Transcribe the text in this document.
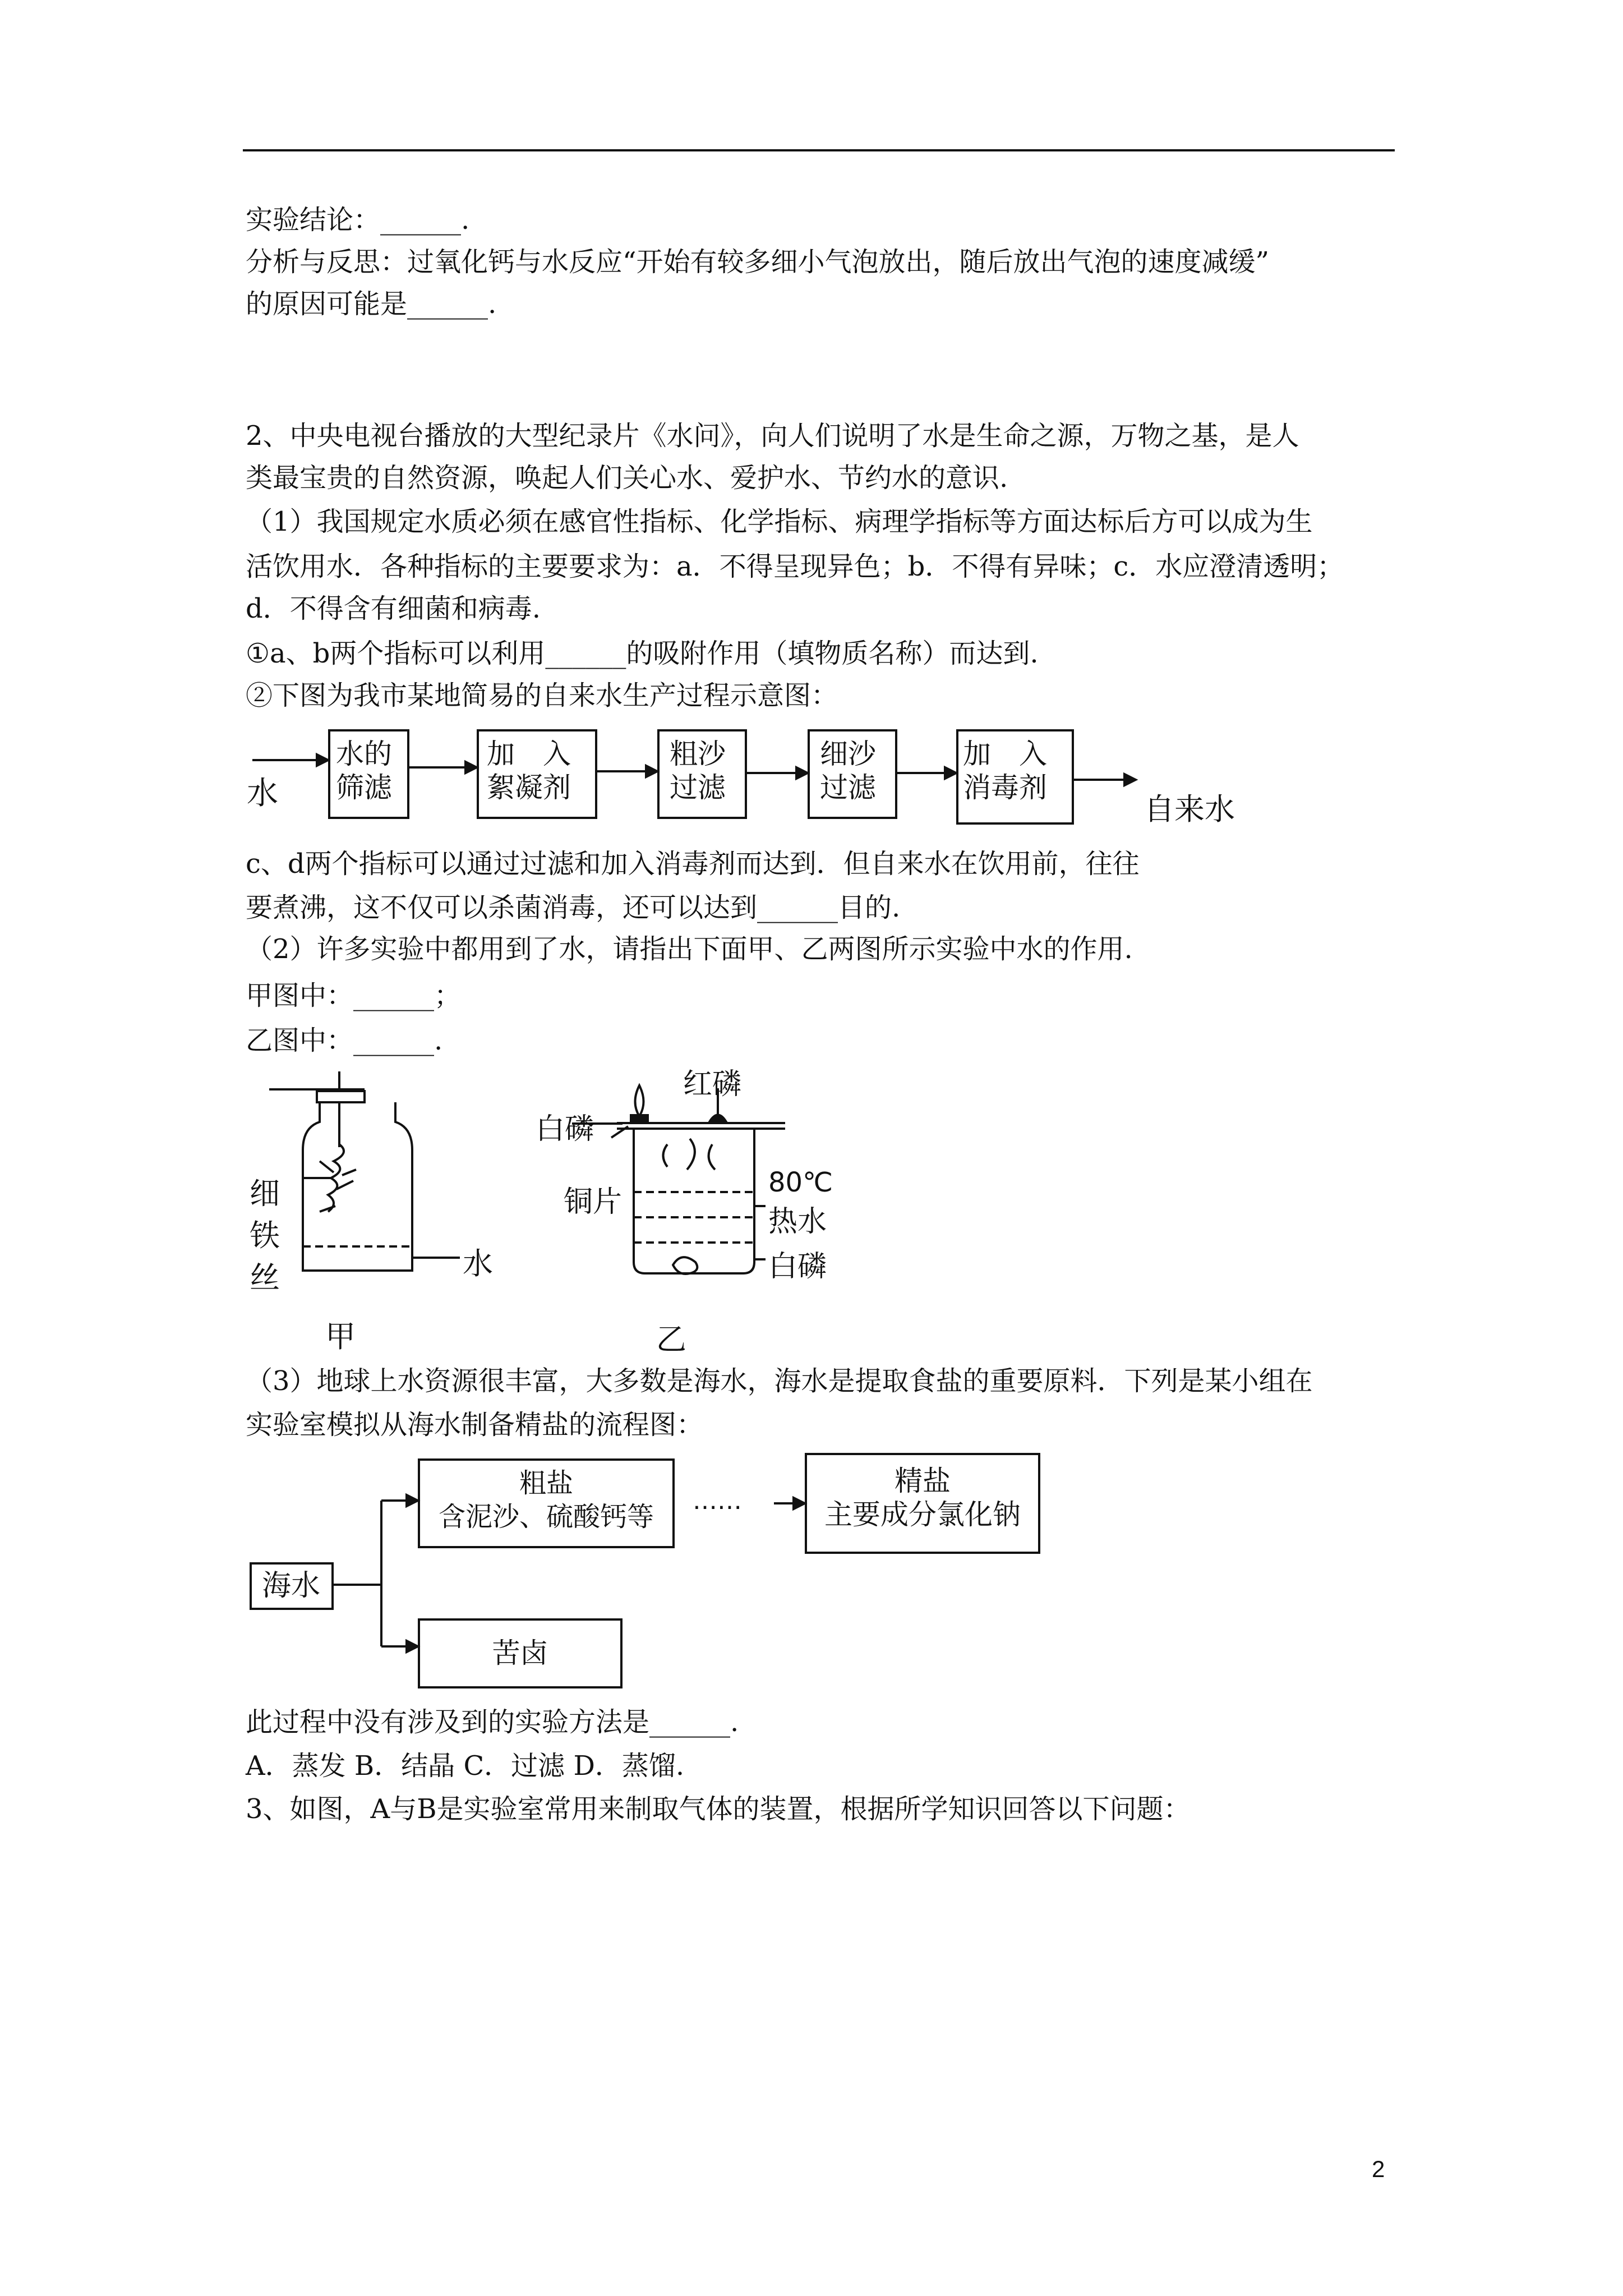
实验结论：______.
分析与反思：过氧化钙与水反应“开始有较多细小气泡放出，随后放出气泡的速度减缓”
的原因可能是______.
2、中央电视台播放的大型纪录片《水问》，向人们说明了水是生命之源，万物之基，是人
类最宝贵的自然资源，唤起人们关心水、爱护水、节约水的意识.
（1）我国规定水质必须在感官性指标、化学指标、病理学指标等方面达标后方可以成为生
活饮用水．各种指标的主要要求为：a．不得呈现异色；b．不得有异味；c．水应澄清透明；
d．不得含有细菌和病毒.
①a、b两个指标可以利用______的吸附作用（填物质名称）而达到.
②下图为我市某地简易的自来水生产过程示意图：
水
水的
筛滤
加　入
絮凝剂
粗沙
过滤
细沙
过滤
加　入
消毒剂
自来水
c、d两个指标可以通过过滤和加入消毒剂而达到．但自来水在饮用前，往往
要煮沸，这不仅可以杀菌消毒，还可以达到______目的.
（2）许多实验中都用到了水，请指出下面甲、乙两图所示实验中水的作用.
甲图中：______；
乙图中：______.
细
铁
丝	水
甲
红磷
白磷
铜片
80℃
热水
白磷
乙
（3）地球上水资源很丰富，大多数是海水，海水是提取食盐的重要原料．下列是某小组在
实验室模拟从海水制备精盐的流程图：
海水
粗盐
含泥沙、硫酸钙等
……
精盐
主要成分氯化钠
苦卤
此过程中没有涉及到的实验方法是______.
A．蒸发 B．结晶 C．过滤 D．蒸馏.
3、如图，A与B是实验室常用来制取气体的装置，根据所学知识回答以下问题：
2
